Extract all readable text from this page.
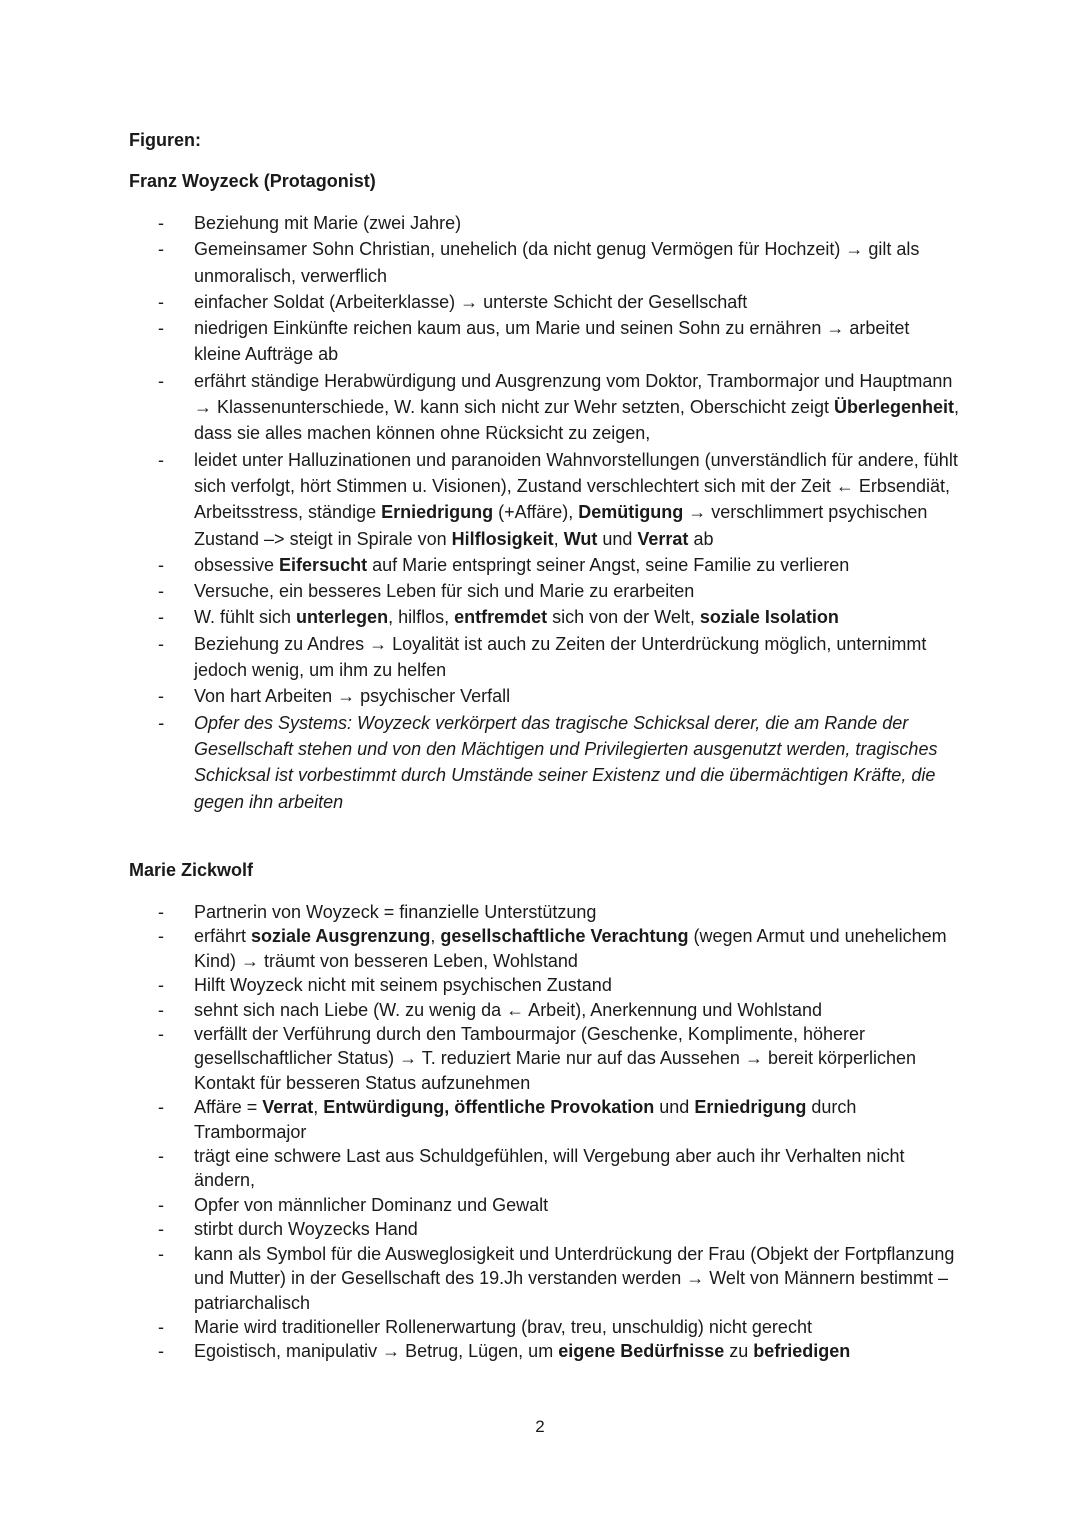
Figuren:
Franz Woyzeck (Protagonist)
- Beziehung mit Marie (zwei Jahre)
- Gemeinsamer Sohn Christian, unehelich (da nicht genug Vermögen für Hochzeit) → gilt als unmoralisch, verwerflich
- einfacher Soldat (Arbeiterklasse) → unterste Schicht der Gesellschaft
- niedrigen Einkünfte reichen kaum aus, um Marie und seinen Sohn zu ernähren → arbeitet kleine Aufträge ab
- erfährt ständige Herabwürdigung und Ausgrenzung vom Doktor, Trambormajor und Hauptmann → Klassenunterschiede, W. kann sich nicht zur Wehr setzten, Oberschicht zeigt Überlegenheit, dass sie alles machen können ohne Rücksicht zu zeigen,
- leidet unter Halluzinationen und paranoiden Wahnvorstellungen (unverständlich für andere, fühlt sich verfolgt, hört Stimmen u. Visionen), Zustand verschlechtert sich mit der Zeit ← Erbsendiät, Arbeitsstress, ständige Erniedrigung (+Affäre), Demütigung → verschlimmert psychischen Zustand –> steigt in Spirale von Hilflosigkeit, Wut und Verrat ab
- obsessive Eifersucht auf Marie entspringt seiner Angst, seine Familie zu verlieren
- Versuche, ein besseres Leben für sich und Marie zu erarbeiten
- W. fühlt sich unterlegen, hilflos, entfremdet sich von der Welt, soziale Isolation
- Beziehung zu Andres → Loyalität ist auch zu Zeiten der Unterdrückung möglich, unternimmt jedoch wenig, um ihm zu helfen
- Von hart Arbeiten → psychischer Verfall
- Opfer des Systems: Woyzeck verkörpert das tragische Schicksal derer, die am Rande der Gesellschaft stehen und von den Mächtigen und Privilegierten ausgenutzt werden, tragisches Schicksal ist vorbestimmt durch Umstände seiner Existenz und die übermächtigen Kräfte, die gegen ihn arbeiten
Marie Zickwolf
- Partnerin von Woyzeck = finanzielle Unterstützung
- erfährt soziale Ausgrenzung, gesellschaftliche Verachtung (wegen Armut und unehelichem Kind) → träumt von besseren Leben, Wohlstand
- Hilft Woyzeck nicht mit seinem psychischen Zustand
- sehnt sich nach Liebe (W. zu wenig da ← Arbeit), Anerkennung und Wohlstand
- verfällt der Verführung durch den Tambourmajor (Geschenke, Komplimente, höherer gesellschaftlicher Status) → T. reduziert Marie nur auf das Aussehen → bereit körperlichen Kontakt für besseren Status aufzunehmen
- Affäre = Verrat, Entwürdigung, öffentliche Provokation und Erniedrigung durch Trambormajor
- trägt eine schwere Last aus Schuldgefühlen, will Vergebung aber auch ihr Verhalten nicht ändern,
- Opfer von männlicher Dominanz und Gewalt
- stirbt durch Woyzecks Hand
- kann als Symbol für die Ausweglosigkeit und Unterdrückung der Frau (Objekt der Fortpflanzung und Mutter) in der Gesellschaft des 19.Jh verstanden werden → Welt von Männern bestimmt – patriarchalisch
- Marie wird traditioneller Rollenerwartung (brav, treu, unschuldig) nicht gerecht
- Egoistisch, manipulativ → Betrug, Lügen, um eigene Bedürfnisse zu befriedigen
2
